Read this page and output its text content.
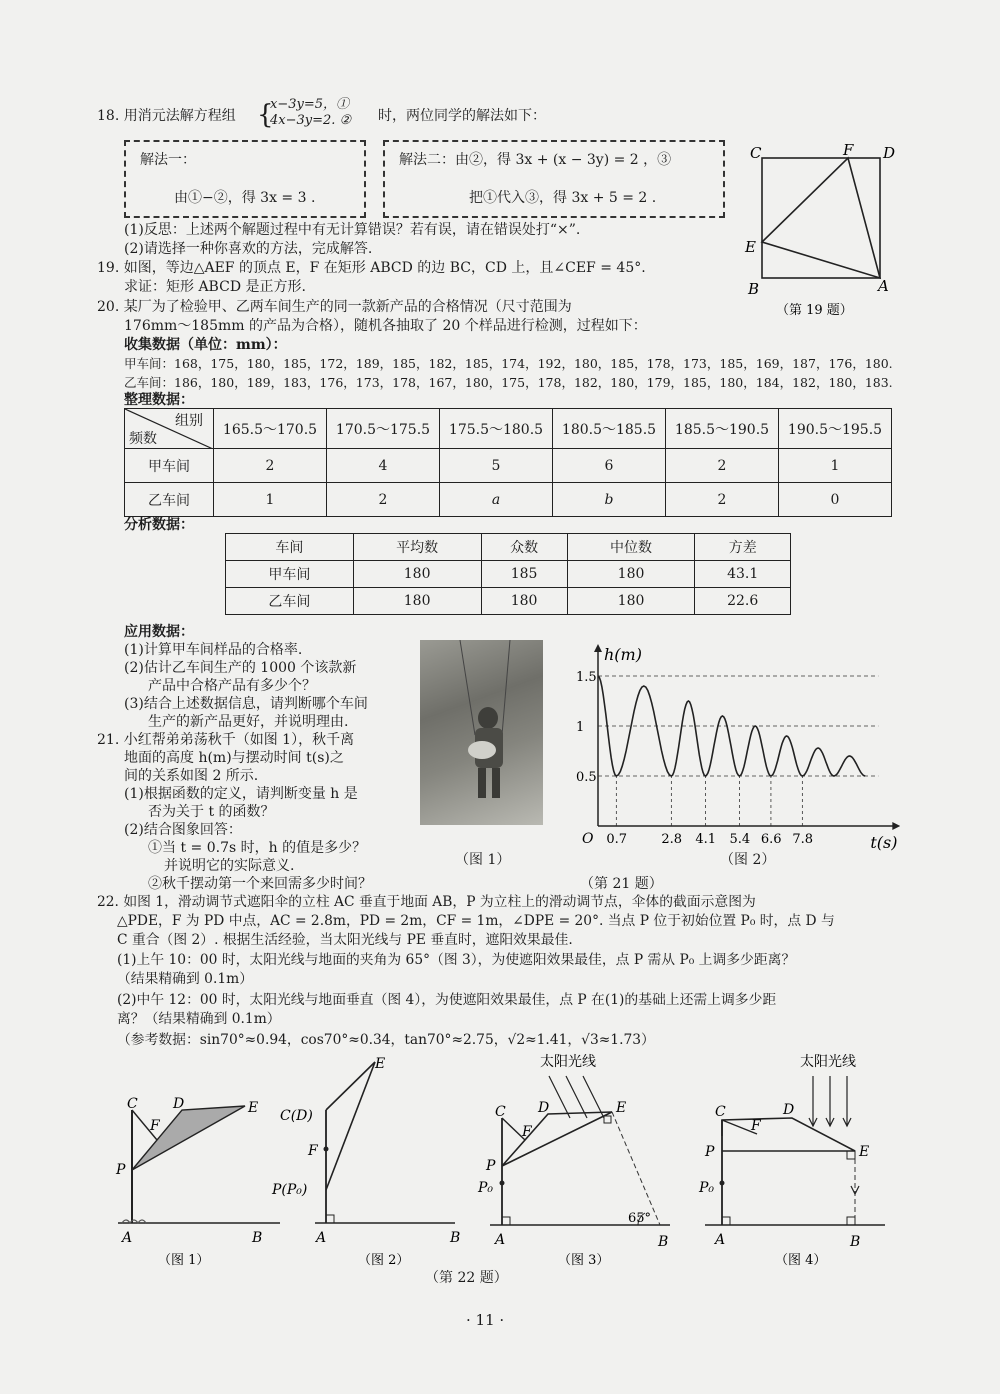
18. 用消元法解方程组 {
x−3y=5，①
4x−3y=2. ② 时，两位同学的解法如下：
解法一：
由①−②，得 3x = 3 .
解法二：由②，得 3x + (x − 3y) = 2 ，③
把①代入③，得 3x + 5 = 2 .
(1)反思：上述两个解题过程中有无计算错误？若有误，请在错误处打“×”.
(2)请选择一种你喜欢的方法，完成解答.
19. 如图，等边△AEF 的顶点 E，F 在矩形 ABCD 的边 BC，CD 上，且∠CEF = 45°.
求证：矩形 ABCD 是正方形.
C	F D
E
B	A
（第 19 题）
20. 某厂为了检验甲、乙两车间生产的同一款新产品的合格情况（尺寸范围为
176mm～185mm 的产品为合格），随机各抽取了 20 个样品进行检测，过程如下：
收集数据（单位：mm）：
甲车间：168，175，180，185，172，189，185，182，185，174，192，180，185，178，173，185，169，187，176，180.
乙车间：186，180，189，183，176，173，178，167，180，175，178，182，180，179，185，180，184，182，180，183.
整理数据：
组别
频数	165.5～170.5	170.5～175.5	175.5～180.5	180.5～185.5	185.5～190.5	190.5～195.5
甲车间	2	4	5	6	2	1
乙车间	1	2	a	b	2	0
分析数据：
车间	平均数	众数	中位数	方差
甲车间	180	185	180	43.1
乙车间	180	180	180	22.6
应用数据：
(1)计算甲车间样品的合格率.
(2)估计乙车间生产的 1000 个该款新
产品中合格产品有多少个？
(3)结合上述数据信息，请判断哪个车间
生产的新产品更好，并说明理由.
21. 小红帮弟弟荡秋千（如图 1），秋千离
地面的高度 h(m)与摆动时间 t(s)之
间的关系如图 2 所示.
(1)根据函数的定义，请判断变量 h 是
否为关于 t 的函数？
(2)结合图象回答：
①当 t = 0.7s 时，h 的值是多少？
并说明它的实际意义.
②秋千摆动第一个来回需多少时间？
（图 1）
0.5
1
1.5
0.7	2.8 4.1 5.4 6.6 7.8
O
h(m)
t(s)
（图 2）
（第 21 题）
22. 如图 1，滑动调节式遮阳伞的立柱 AC 垂直于地面 AB，P 为立柱上的滑动调节点，伞体的截面示意图为
△PDE，F 为 PD 中点，AC = 2.8m，PD = 2m，CF = 1m，∠DPE = 20°. 当点 P 位于初始位置 P₀ 时，点 D 与
C 重合（图 2）. 根据生活经验，当太阳光线与 PE 垂直时，遮阳效果最佳.
(1)上午 10：00 时，太阳光线与地面的夹角为 65°（图 3），为使遮阳效果最佳，点 P 需从 P₀ 上调多少距离？
（结果精确到 0.1m）
(2)中午 12：00 时，太阳光线与地面垂直（图 4），为使遮阳效果最佳，点 P 在(1)的基础上还需上调多少距
离？（结果精确到 0.1m）
（参考数据：sin70°≈0.94，cos70°≈0.34，tan70°≈2.75，√2≈1.41，√3≈1.73）
C	D	E
F
P
A	B
（图 1）
C(D)
E
F
P(P₀)
A	B
（图 2）
太阳光线
C D	E
F
P
P₀
A	B
65°
（图 3）
太阳光线
C	D
F
P	E
P₀
A	B
（图 4）
（第 22 题）
· 11 ·
